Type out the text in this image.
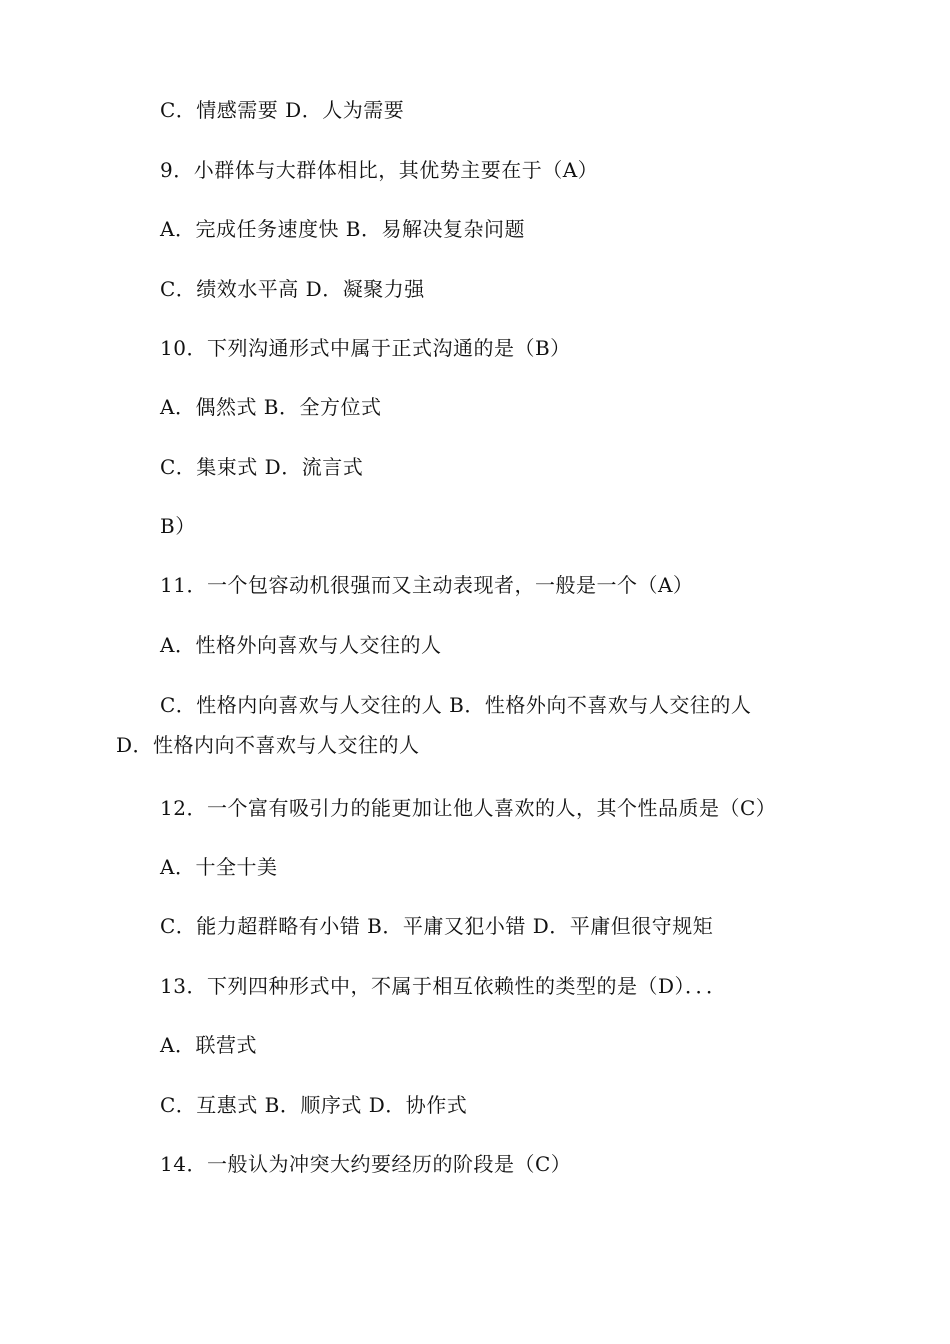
C．情感需要 D．人为需要
9．小群体与大群体相比，其优势主要在于（A）
A．完成任务速度快 B．易解决复杂问题
C．绩效水平高 D．凝聚力强
10．下列沟通形式中属于正式沟通的是（B）
A．偶然式 B．全方位式
C．集束式 D．流言式
B）
11．一个包容动机很强而又主动表现者，一般是一个（A）
A．性格外向喜欢与人交往的人
C．性格内向喜欢与人交往的人 B．性格外向不喜欢与人交往的人
D．性格内向不喜欢与人交往的人
12．一个富有吸引力的能更加让他人喜欢的人，其个性品质是（C）
A．十全十美
C．能力超群略有小错 B．平庸又犯小错 D．平庸但很守规矩
13．下列四种形式中，不属于相互依赖性的类型的是（D）．．．
A．联营式
C．互惠式 B．顺序式 D．协作式
14．一般认为冲突大约要经历的阶段是（C）
